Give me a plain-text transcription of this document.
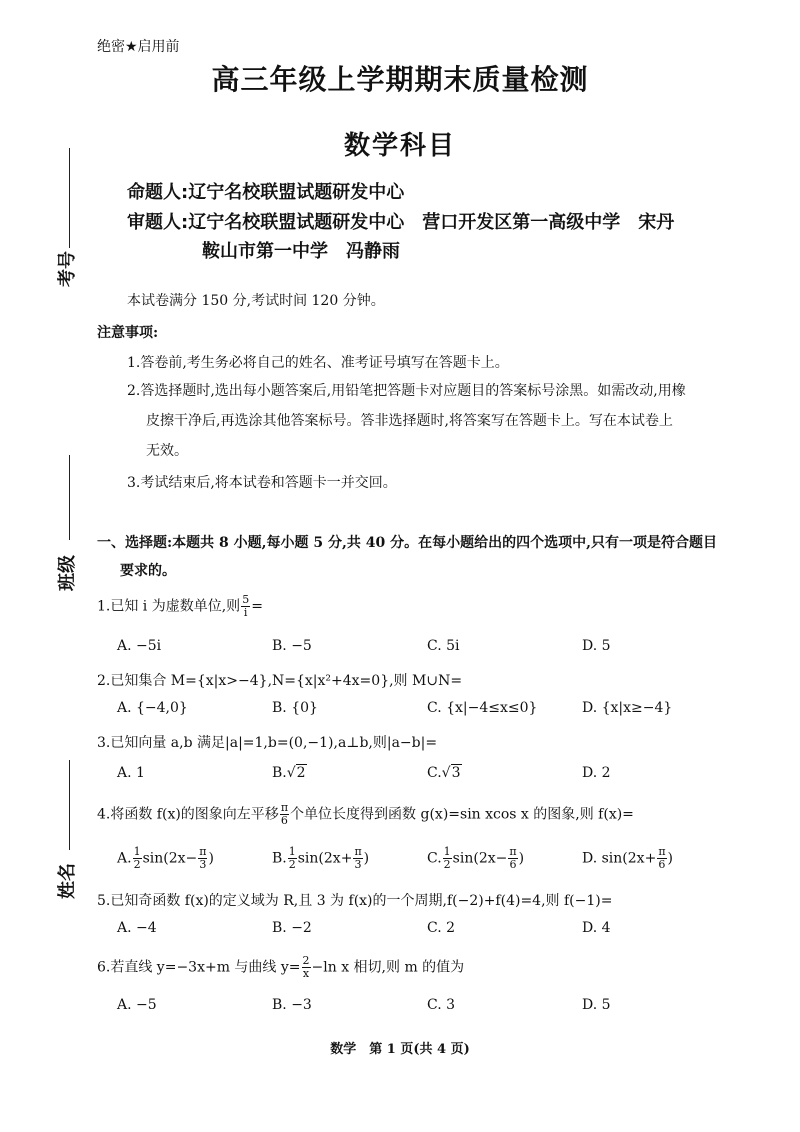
绝密★启用前
高三年级上学期期末质量检测
数学科目
命题人:辽宁名校联盟试题研发中心
审题人:辽宁名校联盟试题研发中心　营口开发区第一高级中学　宋丹
鞍山市第一中学　冯静雨
考号
班级
姓名
本试卷满分 150 分,考试时间 120 分钟。
注意事项:
1.答卷前,考生务必将自己的姓名、准考证号填写在答题卡上。
2.答选择题时,选出每小题答案后,用铅笔把答题卡对应题目的答案标号涂黑。如需改动,用橡
皮擦干净后,再选涂其他答案标号。答非选择题时,将答案写在答题卡上。写在本试卷上
无效。
3.考试结束后,将本试卷和答题卡一并交回。
一、选择题:本题共 8 小题,每小题 5 分,共 40 分。在每小题给出的四个选项中,只有一项是符合题目
要求的。
1.已知 i 为虚数单位,则 $\frac{5}{i}$ =
A. −5i	B. −5	C. 5i	D. 5
2.已知集合 M={x|x>−4},N={x|x²+4x=0},则 M∪N=
A. {−4,0}	B. {0}	C. {x|−4≤x≤0}	D. {x|x≥−4}
3.已知向量 a,b 满足|a|=1,b=(0,−1),a⊥b,则|a−b|=
A. 1	B.√2	C.√3	D. 2
4.将函数 f(x)的图象向左平移 $\frac{\pi}{6}$ 个单位长度得到函数 g(x)=sin xcos x 的图象,则 f(x)=
A. $\frac{1}{2} \sin(2x- \frac{\pi}{3}$ )	B. $\frac{1}{2} \sin(2x+ \frac{\pi}{3}$ )	C. $\frac{1}{2} \sin(2x- \frac{\pi}{6}$ )	D. $\sin(2x+ \frac{\pi}{6}$ )
5.已知奇函数 f(x)的定义域为 R,且 3 为 f(x)的一个周期,f(−2)+f(4)=4,则 f(−1)=
A. −4	B. −2	C. 2	D. 4
6.若直线 y=−3x+m 与曲线 $y= \frac{2}{x} -\ln$ x 相切,则 m 的值为
A. −5	B. −3	C. 3	D. 5
数学　第 1 页(共 4 页)
